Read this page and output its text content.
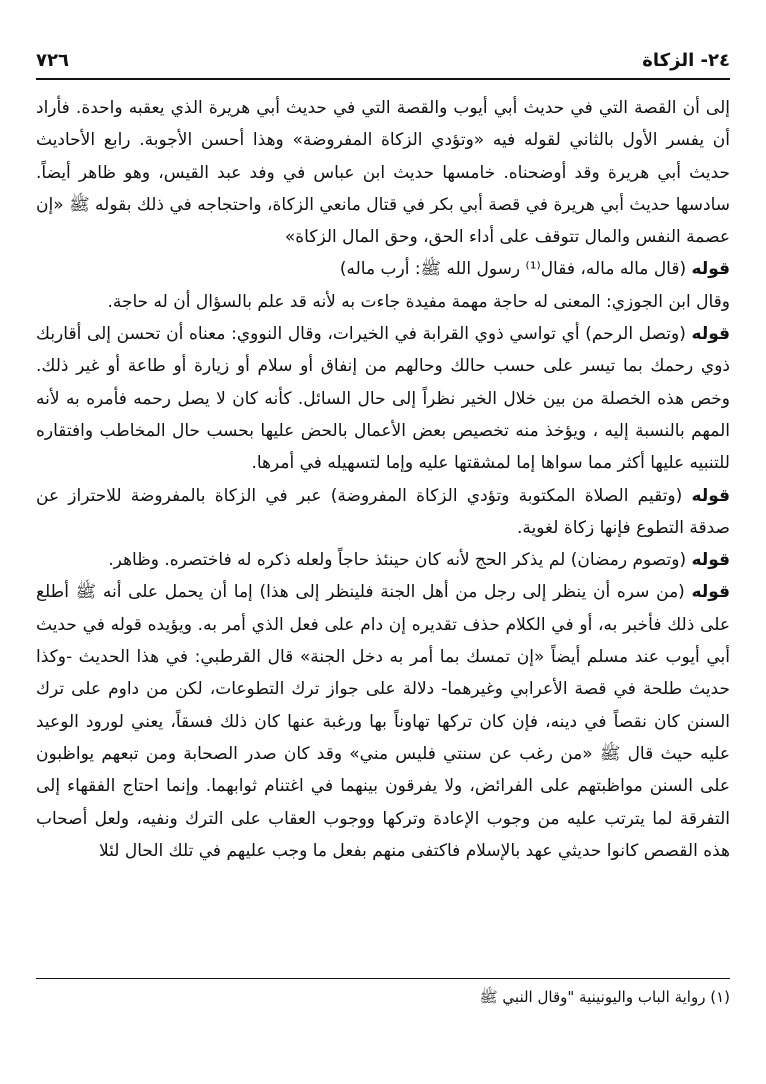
٧٢٦	٢٤- الزكاة

إلى أن القصة التي في حديث أبي أيوب والقصة التي في حديث أبي هريرة الذي يعقبه واحدة. فأراد أن يفسر الأول بالثاني لقوله فيه «وتؤدي الزكاة المفروضة» وهذا أحسن الأجوبة. رابع الأحاديث حديث أبي هريرة وقد أوضحناه. خامسها حديث ابن عباس في وفد عبد القيس، وهو ظاهر أيضاً. سادسها حديث أبي هريرة في قصة أبي بكر في قتال مانعي الزكاة، واحتجاجه في ذلك بقوله ﷺ «إن عصمة النفس والمال تتوقف على أداء الحق، وحق المال الزكاة»

قوله (قال ماله ماله، فقال⁽¹⁾ رسول الله ﷺ: أرب ماله)

وقال ابن الجوزي: المعنى له حاجة مهمة مفيدة جاءت به لأنه قد علم بالسؤال أن له حاجة.

قوله (وتصل الرحم) أي تواسي ذوي القرابة في الخيرات، وقال النووي: معناه أن تحسن إلى أقاربك ذوي رحمك بما تيسر على حسب حالك وحالهم من إنفاق أو سلام أو زيارة أو طاعة أو غير ذلك. وخص هذه الخصلة من بين خلال الخير نظراً إلى حال السائل. كأنه كان لا يصل رحمه فأمره به لأنه المهم بالنسبة إليه ، ويؤخذ منه تخصيص بعض الأعمال بالحض عليها بحسب حال المخاطب وافتقاره للتنبيه عليها أكثر مما سواها إما لمشقتها عليه وإما لتسهيله في أمرها.

قوله (وتقيم الصلاة المكتوبة وتؤدي الزكاة المفروضة) عبر في الزكاة بالمفروضة للاحتراز عن صدقة التطوع فإنها زكاة لغوية.

قوله (وتصوم رمضان) لم يذكر الحج لأنه كان حينئذ حاجاً ولعله ذكره له فاختصره. وظاهر.

قوله (من سره أن ينظر إلى رجل من أهل الجنة فلينظر إلى هذا) إما أن يحمل على أنه ﷺ أطلع على ذلك فأخبر به، أو في الكلام حذف تقديره إن دام على فعل الذي أمر به. ويؤيده قوله في حديث أبي أيوب عند مسلم أيضاً «إن تمسك بما أمر به دخل الجنة» قال القرطبي: في هذا الحديث -وكذا حديث طلحة في قصة الأعرابي وغيرهما- دلالة على جواز ترك التطوعات، لكن من داوم على ترك السنن كان نقصاً في دينه، فإن كان تركها تهاوناً بها ورغبة عنها كان ذلك فسقاً، يعني لورود الوعيد عليه حيث قال ﷺ «من رغب عن سنتي فليس مني» وقد كان صدر الصحابة ومن تبعهم يواظبون على السنن مواظبتهم على الفرائض، ولا يفرقون بينهما في اغتنام ثوابهما. وإنما احتاج الفقهاء إلى التفرقة لما يترتب عليه من وجوب الإعادة وتركها ووجوب العقاب على الترك ونفيه، ولعل أصحاب هذه القصص كانوا حديثي عهد بالإسلام فاكتفى منهم بفعل ما وجب عليهم في تلك الحال لئلا

(١) رواية الباب واليونينية "وقال النبي ﷺ
